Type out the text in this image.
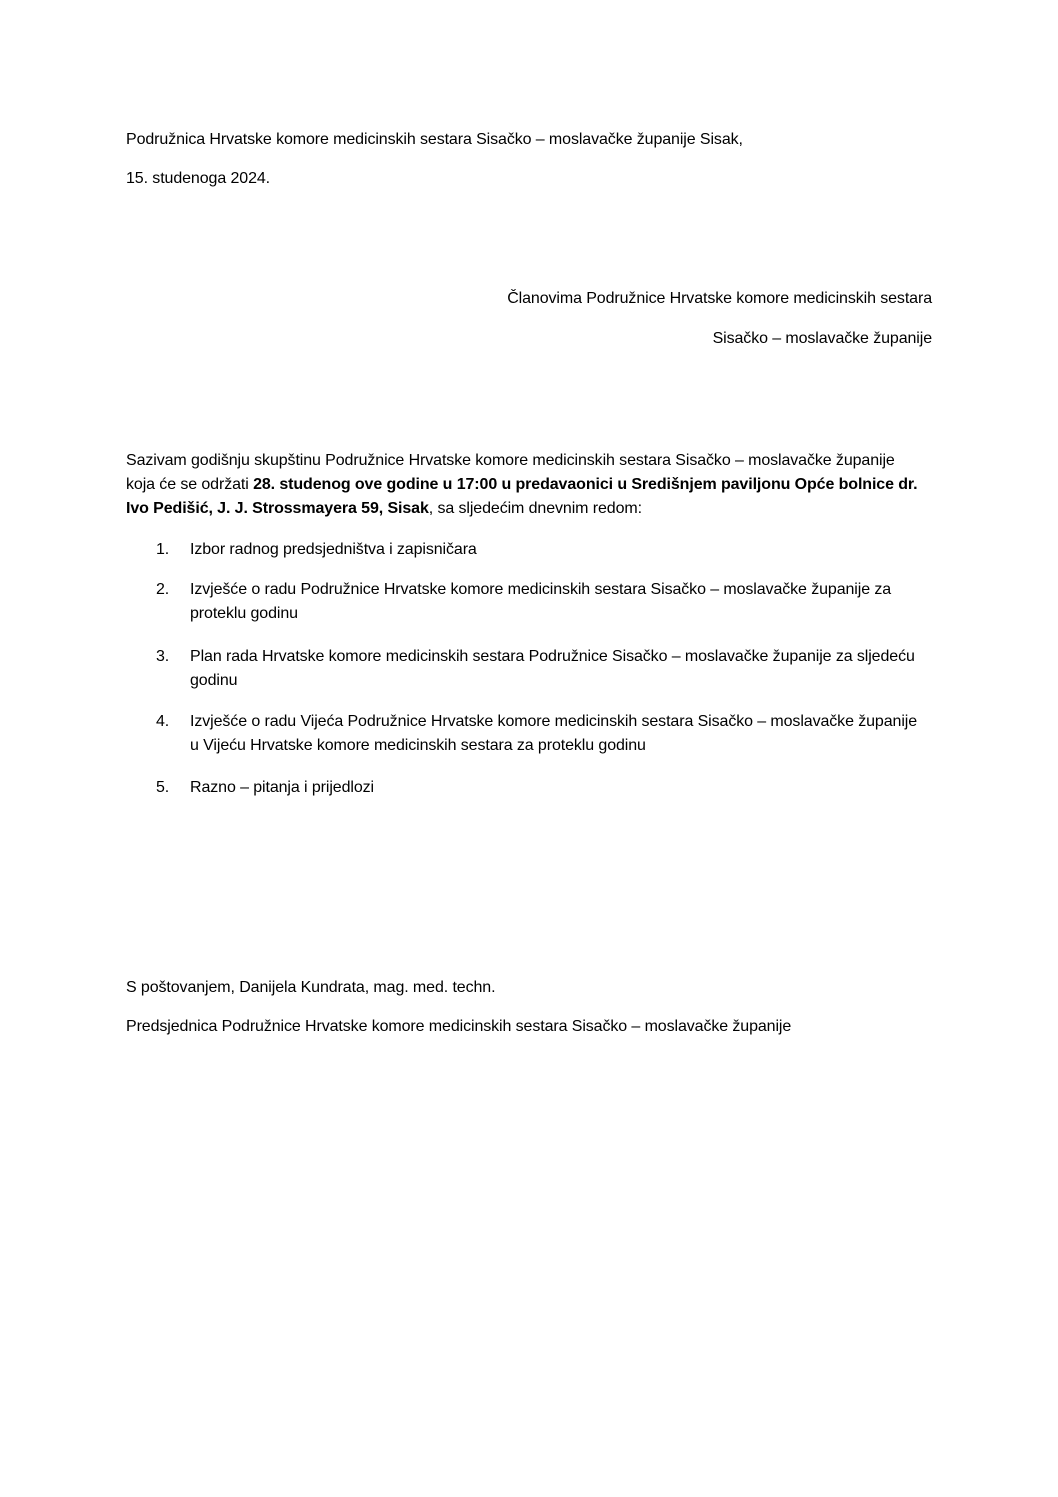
Podružnica Hrvatske komore medicinskih sestara Sisačko – moslavačke županije Sisak,
15. studenoga 2024.
Članovima Podružnice Hrvatske komore medicinskih sestara
Sisačko – moslavačke županije
Sazivam godišnju skupštinu Podružnice Hrvatske komore medicinskih sestara Sisačko – moslavačke županije koja će se održati 28. studenog ove godine u 17:00 u predavaonici u Središnjem paviljonu Opće bolnice dr. Ivo Pedišić, J. J. Strossmayera 59, Sisak, sa sljedećim dnevnim redom:
1.	Izbor radnog predsjedništva i zapisničara
2.	Izvješće o radu Podružnice Hrvatske komore medicinskih sestara Sisačko – moslavačke županije za proteklu godinu
3.	Plan rada Hrvatske komore medicinskih sestara Podružnice Sisačko – moslavačke županije za sljedeću godinu
4.	Izvješće o radu Vijeća Podružnice Hrvatske komore medicinskih sestara Sisačko – moslavačke županije u Vijeću Hrvatske komore medicinskih sestara za proteklu godinu
5.	Razno – pitanja i prijedlozi
S poštovanjem, Danijela Kundrata, mag. med. techn.
Predsjednica Podružnice Hrvatske komore medicinskih sestara Sisačko – moslavačke županije
